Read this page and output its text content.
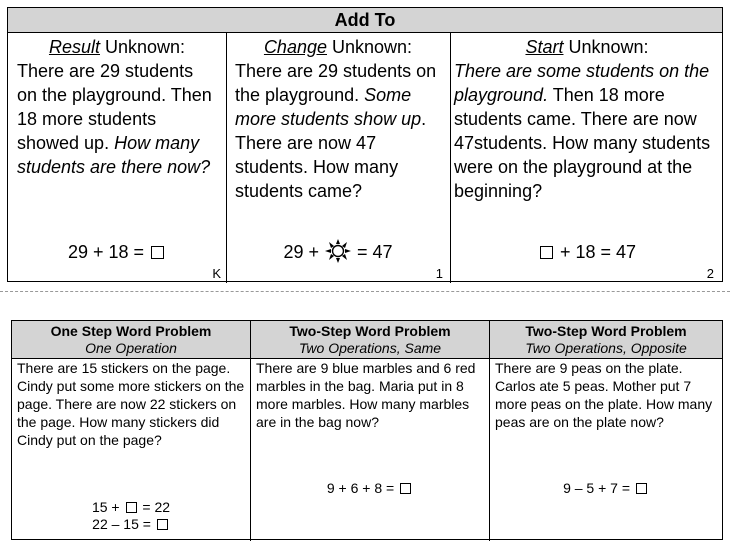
Add To
Result Unknown:
There are 29 students on the playground. Then 18 more students showed up. How many students are there now?
29 + 18 =
K
Change Unknown:
There are 29 students on the playground. Some more students show up. There are now 47 students. How many students came?
29 + = 47
1
Start Unknown:
There are some students on the playground. Then 18 more students came. There are now 47students. How many students were on the playground at the beginning?
+ 18 = 47
2
One Step Word Problem
One Operation
There are 15 stickers on the page. Cindy put some more stickers on the page. There are now 22 stickers on the page. How many stickers did Cindy put on the page?
15 + = 22
22 – 15 =
Two-Step Word Problem
Two Operations, Same
There are 9 blue marbles and 6 red marbles in the bag. Maria put in 8 more marbles. How many marbles are in the bag now?
9 + 6 + 8 =
Two-Step Word Problem
Two Operations, Opposite
There are 9 peas on the plate. Carlos ate 5 peas. Mother put 7 more peas on the plate. How many peas are on the plate now?
9 – 5 + 7 =
